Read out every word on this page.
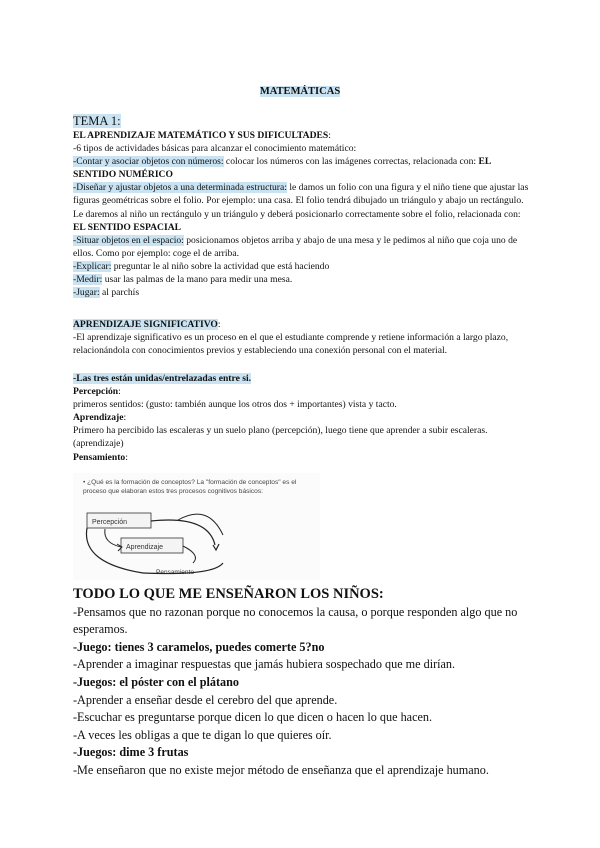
MATEMÁTICAS
TEMA 1:

EL APRENDIZAJE MATEMÁTICO Y SUS DIFICULTADES:

-6 tipos de actividades básicas para alcanzar el conocimiento matemático:

-Contar y asociar objetos con números: colocar los números con las imágenes correctas, relacionada con: EL SENTIDO NUMÉRICO

-Diseñar y ajustar objetos a una determinada estructura: le damos un folio con una figura y el niño tiene que ajustar las figuras geométricas sobre el folio. Por ejemplo: una casa. El folio tendrá dibujado un triángulo y abajo un rectángulo. Le daremos al niño un rectángulo y un triángulo y deberá posicionarlo correctamente sobre el folio, relacionada con: EL SENTIDO ESPACIAL

-Situar objetos en el espacio: posicionamos objetos arriba y abajo de una mesa y le pedimos al niño que coja uno de ellos. Como por ejemplo: coge el de arriba.

-Explicar: preguntar le al niño sobre la actividad que está haciendo

-Medir: usar las palmas de la mano para medir una mesa.

-Jugar: al parchís

APRENDIZAJE SIGNIFICATIVO:

-El aprendizaje significativo es un proceso en el que el estudiante comprende y retiene información a largo plazo, relacionándola con conocimientos previos y estableciendo una conexión personal con el material.

-Las tres están unidas/entrelazadas entre si.

Percepción:

primeros sentidos: (gusto: también aunque los otros dos + importantes) vista y tacto.

Aprendizaje:

Primero ha percibido las escaleras y un suelo plano (percepción), luego tiene que aprender a subir escaleras. (aprendizaje)

Pensamiento:

• ¿Qué es la formación de conceptos? La "formación de conceptos" es el proceso que elaboran estos tres procesos cognitivos básicos:
Percepción
Aprendizaje
Pensamiento

TODO LO QUE ME ENSEÑARON LOS NIÑOS:

-Pensamos que no razonan porque no conocemos la causa, o porque responden algo que no esperamos.

-Juego: tienes 3 caramelos, puedes comerte 5?no

-Aprender a imaginar respuestas que jamás hubiera sospechado que me dirían.

-Juegos: el póster con el plátano

-Aprender a enseñar desde el cerebro del que aprende.

-Escuchar es preguntarse porque dicen lo que dicen o hacen lo que hacen.

-A veces les obligas a que te digan lo que quieres oír.

-Juegos: dime 3 frutas

-Me enseñaron que no existe mejor método de enseñanza que el aprendizaje humano.
